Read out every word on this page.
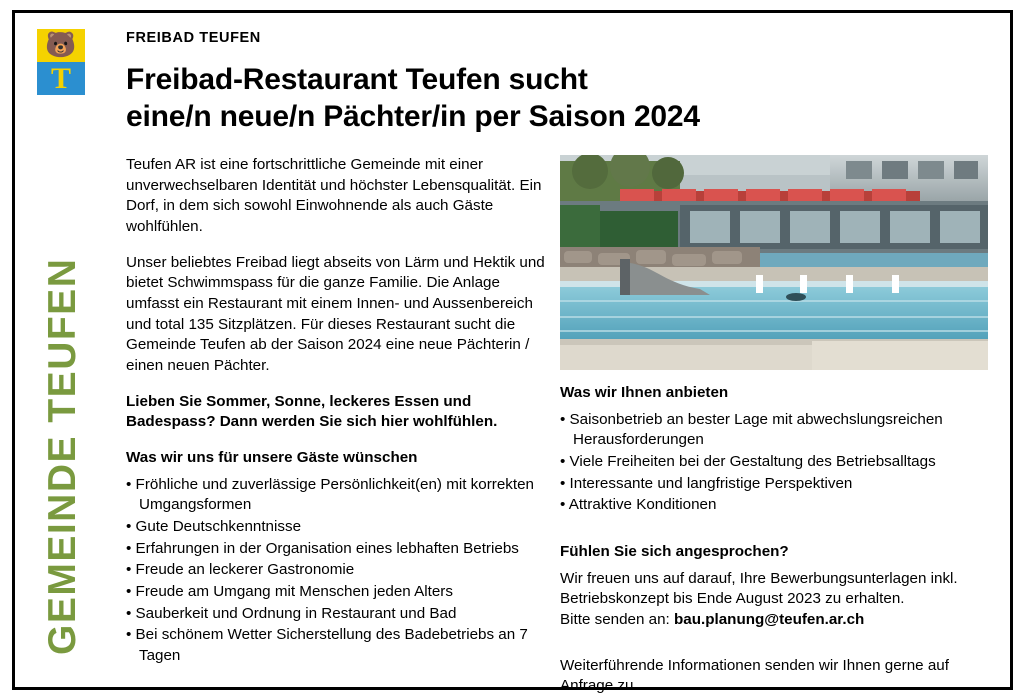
🐻
T
GEMEINDE TEUFEN
FREIBAD TEUFEN
Freibad-Restaurant Teufen sucht
eine/n neue/n Pächter/in per Saison 2024

Teufen AR ist eine fortschrittliche Gemeinde mit einer unverwechselbaren Identität und höchster Lebensqualität. Ein Dorf, in dem sich sowohl Einwohnende als auch Gäste wohlfühlen.

Unser beliebtes Freibad liegt abseits von Lärm und Hektik und bietet Schwimmspass für die ganze Familie. Die Anlage umfasst ein Restaurant mit einem Innen- und Aussenbereich und total 135 Sitzplätzen. Für dieses Restaurant sucht die Gemeinde Teufen ab der Saison 2024 eine neue Pächterin / einen neuen Pächter.

Lieben Sie Sommer, Sonne, leckeres Essen und Badespass? Dann werden Sie sich hier wohlfühlen.

Was wir uns für unsere Gäste wünschen
• Fröhliche und zuverlässige Persönlichkeit(en) mit korrekten Umgangsformen
• Gute Deutschkenntnisse
• Erfahrungen in der Organisation eines lebhaften Betriebs
• Freude an leckerer Gastronomie
• Freude am Umgang mit Menschen jeden Alters
• Sauberkeit und Ordnung in Restaurant und Bad
• Bei schönem Wetter Sicherstellung des Badebetriebs an 7 Tagen
Was wir Ihnen anbieten
• Saisonbetrieb an bester Lage mit abwechslungsreichen Herausforderungen
• Viele Freiheiten bei der Gestaltung des Betriebsalltags
• Interessante und langfristige Perspektiven
• Attraktive Konditionen
Fühlen Sie sich angesprochen?

Wir freuen uns auf darauf, Ihre Bewerbungsunterlagen inkl. Betriebskonzept bis Ende August 2023 zu erhalten.
Bitte senden an: bau.planung@teufen.ar.ch

Weiterführende Informationen senden wir Ihnen gerne auf Anfrage zu.
